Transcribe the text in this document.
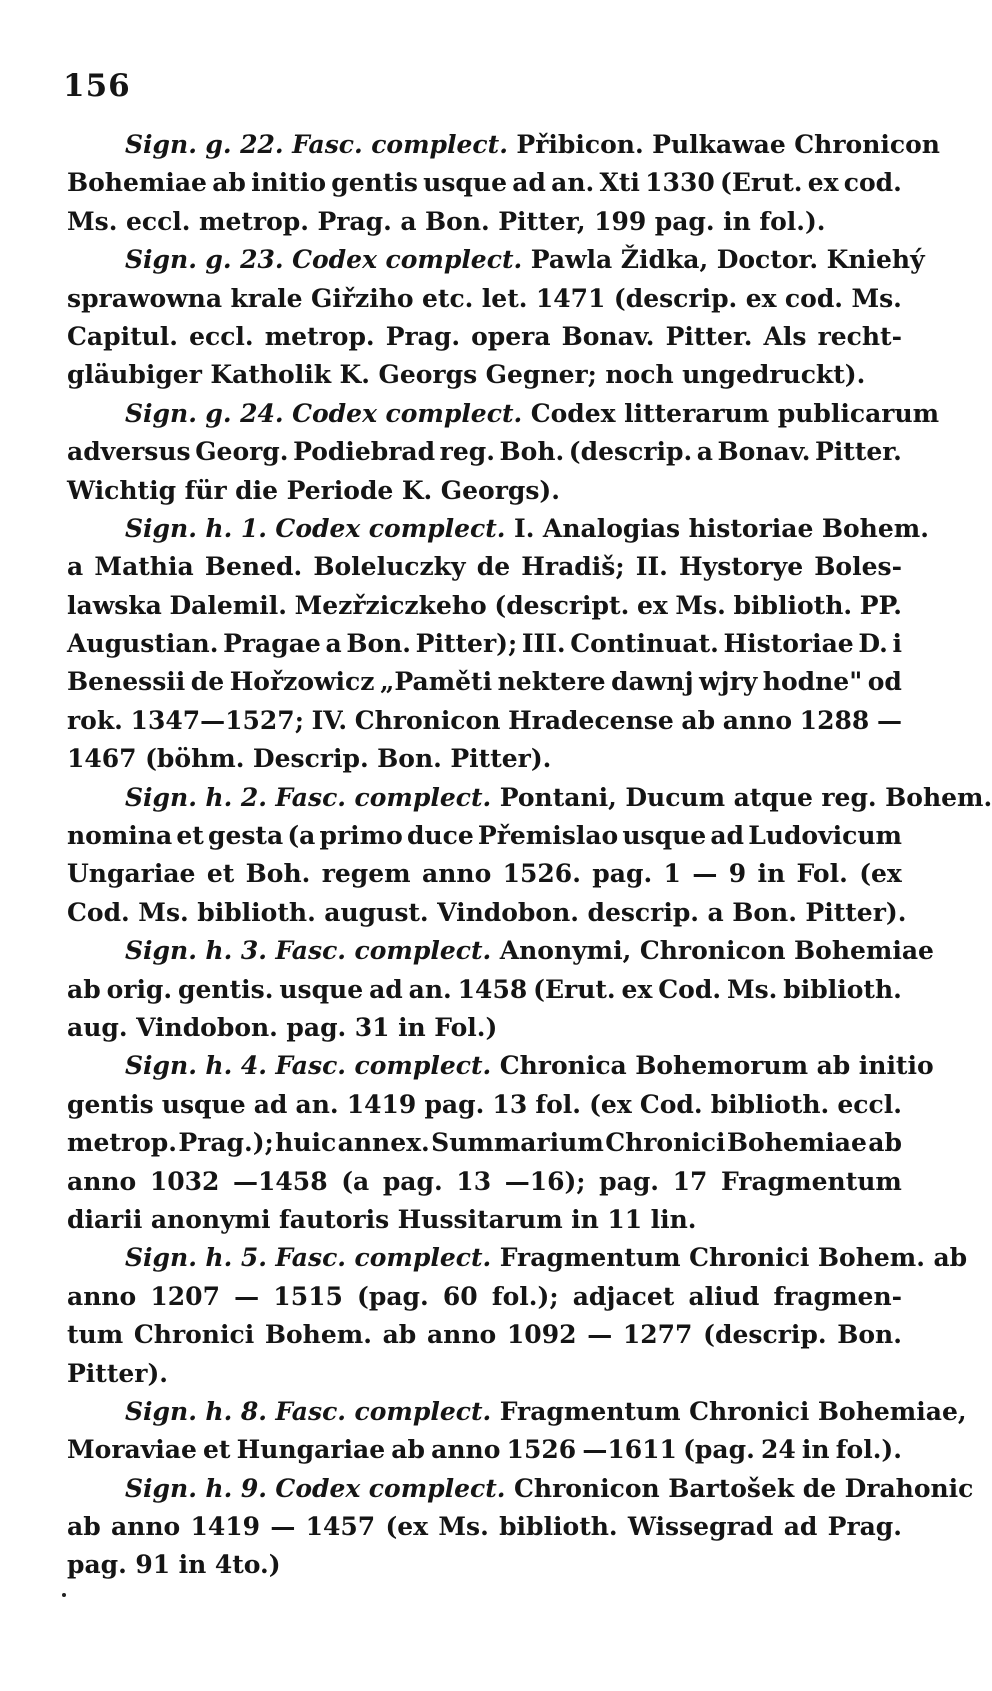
156
Sign. g. 22. Fasc. complect. Přibicon. Pulkawae Chronicon
Bohemiae ab initio gentis usque ad an. Xti 1330 (Erut. ex cod.
Ms. eccl. metrop. Prag. a Bon. Pitter, 199 pag. in fol.).
Sign. g. 23. Codex complect. Pawla Židka, Doctor. Kniehý
sprawowna krale Giřziho etc. let. 1471 (descrip. ex cod. Ms.
Capitul. eccl. metrop. Prag. opera Bonav. Pitter. Als recht-
gläubiger Katholik K. Georgs Gegner; noch ungedruckt).
Sign. g. 24. Codex complect. Codex litterarum publicarum
adversus Georg. Podiebrad reg. Boh. (descrip. a Bonav. Pitter.
Wichtig für die Periode K. Georgs).
Sign. h. 1. Codex complect. I. Analogias historiae Bohem.
a Mathia Bened. Boleluczky de Hradiš; II. Hystorye Boles-
lawska Dalemil. Mezřziczkeho (descript. ex Ms. biblioth. PP.
Augustian. Pragae a Bon. Pitter); III. Continuat. Historiae D. i
Benessii de Hořzowicz „Paměti nektere dawnj wjry hodne" od
rok. 1347—1527; IV. Chronicon Hradecense ab anno 1288 —
1467 (böhm. Descrip. Bon. Pitter).
Sign. h. 2. Fasc. complect. Pontani, Ducum atque reg. Bohem.
nomina et gesta (a primo duce Přemislao usque ad Ludovicum
Ungariae et Boh. regem anno 1526. pag. 1 — 9 in Fol. (ex
Cod. Ms. biblioth. august. Vindobon. descrip. a Bon. Pitter).
Sign. h. 3. Fasc. complect. Anonymi, Chronicon Bohemiae
ab orig. gentis. usque ad an. 1458 (Erut. ex Cod. Ms. biblioth.
aug. Vindobon. pag. 31 in Fol.)
Sign. h. 4. Fasc. complect. Chronica Bohemorum ab initio
gentis usque ad an. 1419 pag. 13 fol. (ex Cod. biblioth. eccl.
metrop. Prag.); huic annex. Summarium Chronici Bohemiae ab
anno 1032 —1458 (a pag. 13 —16); pag. 17 Fragmentum
diarii anonymi fautoris Hussitarum in 11 lin.
Sign. h. 5. Fasc. complect. Fragmentum Chronici Bohem. ab
anno 1207 — 1515 (pag. 60 fol.); adjacet aliud fragmen-
tum Chronici Bohem. ab anno 1092 — 1277 (descrip. Bon.
Pitter).
Sign. h. 8. Fasc. complect. Fragmentum Chronici Bohemiae,
Moraviae et Hungariae ab anno 1526 —1611 (pag. 24 in fol.).
Sign. h. 9. Codex complect. Chronicon Bartošek de Drahonic
ab anno 1419 — 1457 (ex Ms. biblioth. Wissegrad ad Prag.
pag. 91 in 4to.)
